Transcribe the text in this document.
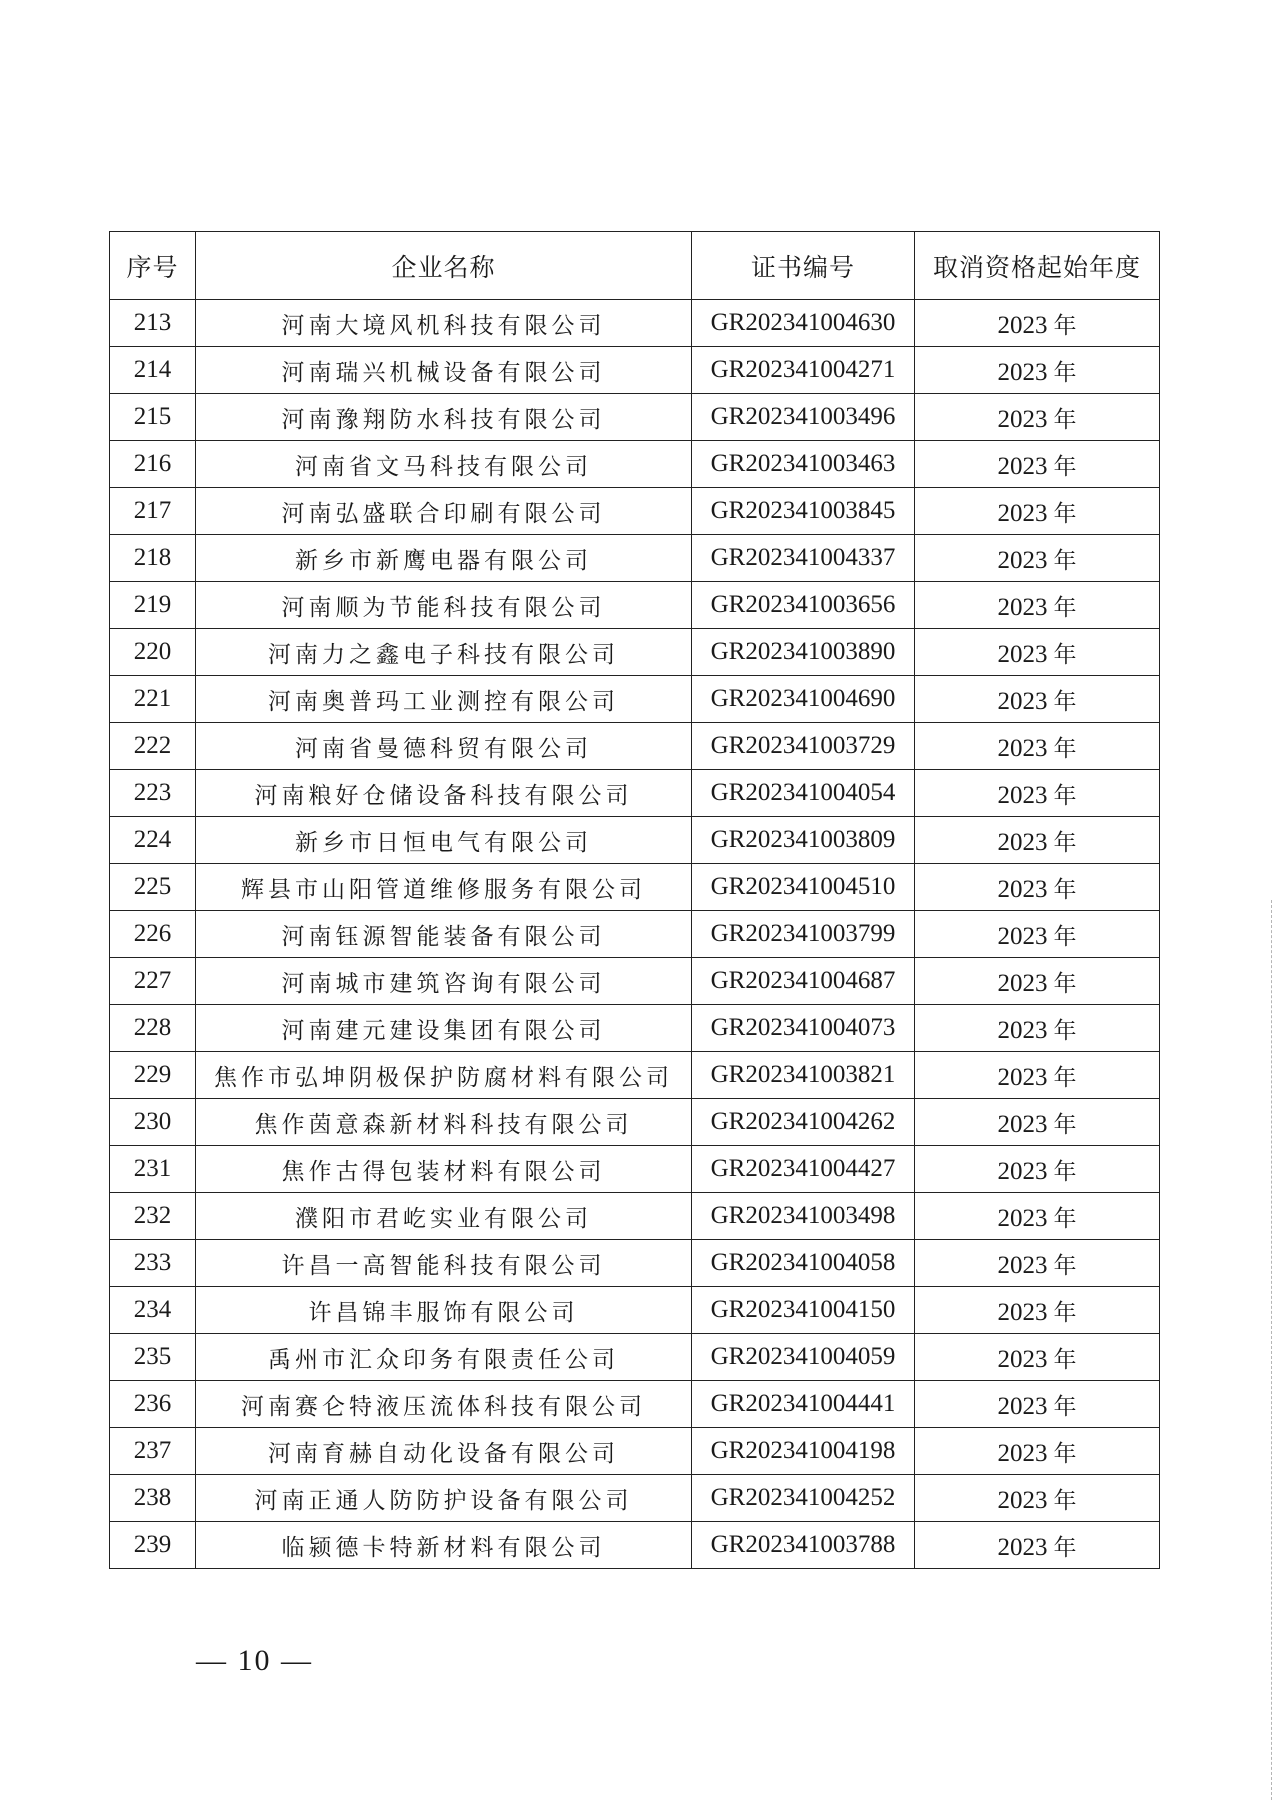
序号	企业名称	证书编号	取消资格起始年度
213	河南大境风机科技有限公司	GR202341004630	2023 年
214	河南瑞兴机械设备有限公司	GR202341004271	2023 年
215	河南豫翔防水科技有限公司	GR202341003496	2023 年
216	河南省文马科技有限公司	GR202341003463	2023 年
217	河南弘盛联合印刷有限公司	GR202341003845	2023 年
218	新乡市新鹰电器有限公司	GR202341004337	2023 年
219	河南顺为节能科技有限公司	GR202341003656	2023 年
220	河南力之鑫电子科技有限公司	GR202341003890	2023 年
221	河南奥普玛工业测控有限公司	GR202341004690	2023 年
222	河南省曼德科贸有限公司	GR202341003729	2023 年
223	河南粮好仓储设备科技有限公司	GR202341004054	2023 年
224	新乡市日恒电气有限公司	GR202341003809	2023 年
225	辉县市山阳管道维修服务有限公司	GR202341004510	2023 年
226	河南钰源智能装备有限公司	GR202341003799	2023 年
227	河南城市建筑咨询有限公司	GR202341004687	2023 年
228	河南建元建设集团有限公司	GR202341004073	2023 年
229	焦作市弘坤阴极保护防腐材料有限公司	GR202341003821	2023 年
230	焦作茵意森新材料科技有限公司	GR202341004262	2023 年
231	焦作古得包装材料有限公司	GR202341004427	2023 年
232	濮阳市君屹实业有限公司	GR202341003498	2023 年
233	许昌一高智能科技有限公司	GR202341004058	2023 年
234	许昌锦丰服饰有限公司	GR202341004150	2023 年
235	禹州市汇众印务有限责任公司	GR202341004059	2023 年
236	河南赛仑特液压流体科技有限公司	GR202341004441	2023 年
237	河南育赫自动化设备有限公司	GR202341004198	2023 年
238	河南正通人防防护设备有限公司	GR202341004252	2023 年
239	临颍德卡特新材料有限公司	GR202341003788	2023 年
— 10 —
